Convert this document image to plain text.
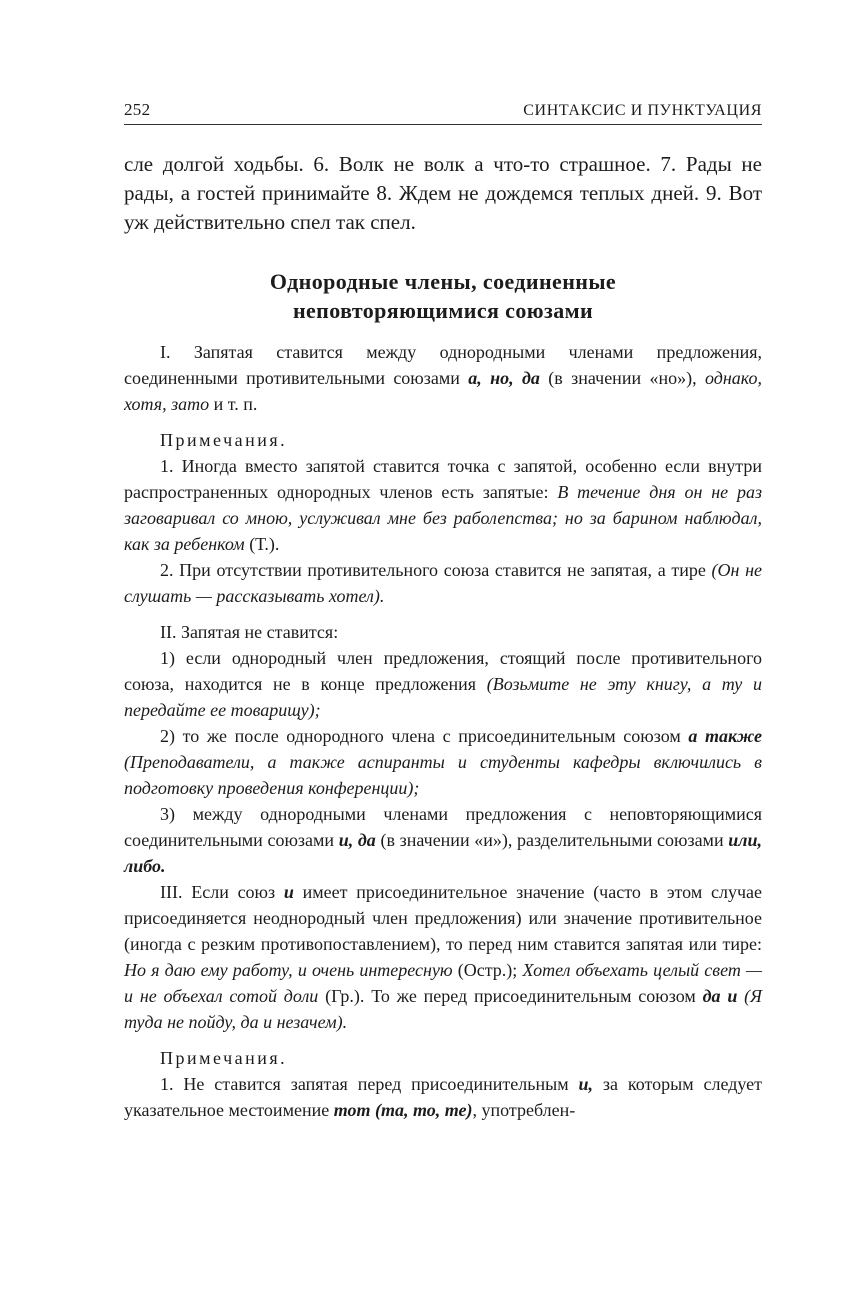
252	СИНТАКСИС И ПУНКТУАЦИЯ

сле долгой ходьбы. 6. Волк не волк а что-то страшное. 7. Рады не рады, а гостей принимайте 8. Ждем не дождемся теплых дней. 9. Вот уж действительно спел так спел.

Однородные члены, соединенные
неповторяющимися союзами

I. Запятая ставится между однородными членами предложения, соединенными противительными союзами а, но, да (в значении «но»), однако, хотя, зато и т. п.

Примечания.

1. Иногда вместо запятой ставится точка с запятой, особенно если внутри распространенных однородных членов есть запятые: В течение дня он не раз заговаривал со мною, услуживал мне без раболепства; но за барином наблюдал, как за ребенком (Т.).

2. При отсутствии противительного союза ставится не запятая, а тире (Он не слушать — рассказывать хотел).

II. Запятая не ставится:

1) если однородный член предложения, стоящий после противительного союза, находится не в конце предложения (Возьмите не эту книгу, а ту и передайте ее товарищу);

2) то же после однородного члена с присоединительным союзом а также (Преподаватели, а также аспиранты и студенты кафедры включились в подготовку проведения конференции);

3) между однородными членами предложения с неповторяющимися соединительными союзами и, да (в значении «и»), разделительными союзами или, либо.

III. Если союз и имеет присоединительное значение (часто в этом случае присоединяется неоднородный член предложения) или значение противительное (иногда с резким противопоставлением), то перед ним ставится запятая или тире: Но я даю ему работу, и очень интересную (Остр.); Хотел объехать целый свет — и не объехал сотой доли (Гр.). То же перед присоединительным союзом да и (Я туда не пойду, да и незачем).

Примечания.

1. Не ставится запятая перед присоединительным и, за которым следует указательное местоимение тот (та, то, те), употреблен-
